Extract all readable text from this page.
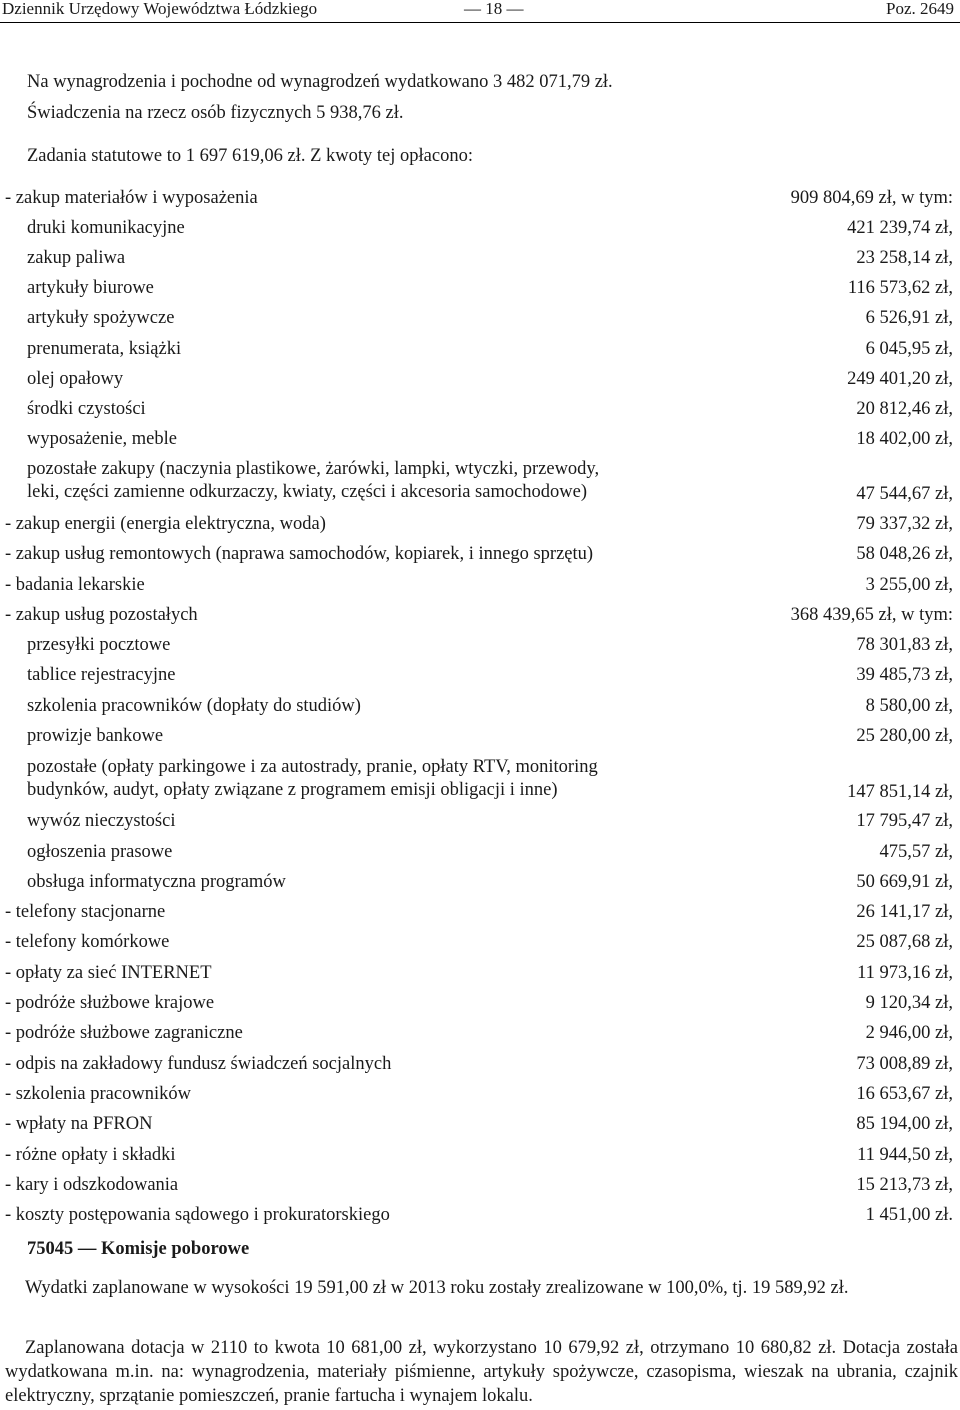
Dziennik Urzędowy Województwa Łódzkiego	— 18 —	Poz. 2649
Na wynagrodzenia i pochodne od wynagrodzeń wydatkowano 3 482 071,79 zł.
Świadczenia na rzecz osób fizycznych 5 938,76 zł.
Zadania statutowe to 1 697 619,06 zł. Z kwoty tej opłacono:
- zakup materiałów i wyposażenia	909 804,69 zł, w tym:
druki komunikacyjne	421 239,74 zł,
zakup paliwa	23 258,14 zł,
artykuły biurowe	116 573,62 zł,
artykuły spożywcze	6 526,91 zł,
prenumerata, książki	6 045,95 zł,
olej opałowy	249 401,20 zł,
środki czystości	20 812,46 zł,
wyposażenie, meble	18 402,00 zł,
pozostałe zakupy (naczynia plastikowe, żarówki, lampki, wtyczki, przewody,
leki, części zamienne odkurzaczy, kwiaty, części i akcesoria samochodowe)	47 544,67 zł,
- zakup energii (energia elektryczna, woda)	79 337,32 zł,
- zakup usług remontowych (naprawa samochodów, kopiarek, i innego sprzętu)	58 048,26 zł,
- badania lekarskie	3 255,00 zł,
- zakup usług pozostałych	368 439,65 zł, w tym:
przesyłki pocztowe	78 301,83 zł,
tablice rejestracyjne	39 485,73 zł,
szkolenia pracowników (dopłaty do studiów)	8 580,00 zł,
prowizje bankowe	25 280,00 zł,
pozostałe (opłaty parkingowe i za autostrady, pranie, opłaty RTV, monitoring
budynków, audyt, opłaty związane z programem emisji obligacji i inne)	147 851,14 zł,
wywóz nieczystości	17 795,47 zł,
ogłoszenia prasowe	475,57 zł,
obsługa informatyczna programów	50 669,91 zł,
- telefony stacjonarne	26 141,17 zł,
- telefony komórkowe	25 087,68 zł,
- opłaty za sieć INTERNET	11 973,16 zł,
- podróże służbowe krajowe	9 120,34 zł,
- podróże służbowe zagraniczne	2 946,00 zł,
- odpis na zakładowy fundusz świadczeń socjalnych	73 008,89 zł,
- szkolenia pracowników	16 653,67 zł,
- wpłaty na PFRON	85 194,00 zł,
- różne opłaty i składki	11 944,50 zł,
- kary i odszkodowania	15 213,73 zł,
- koszty postępowania sądowego i prokuratorskiego	1 451,00 zł.
75045 — Komisje poborowe
Wydatki zaplanowane w wysokości 19 591,00 zł w 2013 roku zostały zrealizowane w 100,0%, tj. 19 589,92 zł.
Zaplanowana dotacja w 2110 to kwota 10 681,00 zł, wykorzystano 10 679,92 zł, otrzymano 10 680,82 zł. Dotacja została wydatkowana m.in. na: wynagrodzenia, materiały piśmienne, artykuły spożywcze, czasopisma, wieszak na ubrania, czajnik elektryczny, sprzątanie pomieszczeń, pranie fartucha i wynajem lokalu.
